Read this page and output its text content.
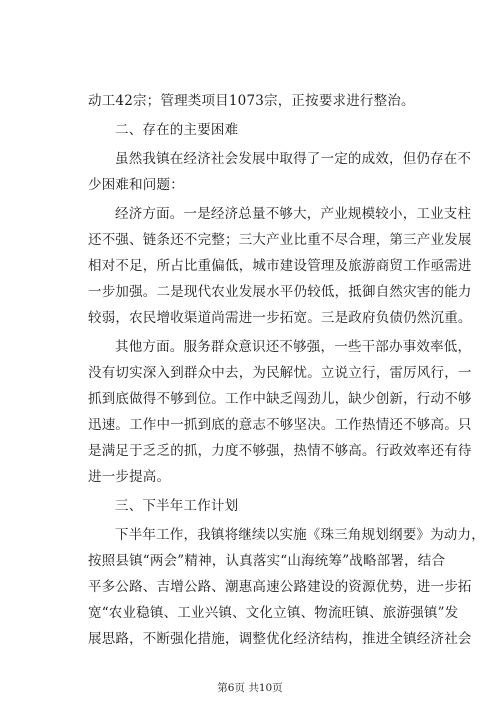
动工42宗；管理类项目1073宗，正按要求进行整治。
二、存在的主要困难
虽然我镇在经济社会发展中取得了一定的成效，但仍存在不
少困难和问题：
经济方面。一是经济总量不够大，产业规模较小，工业支柱
还不强、链条还不完整；三大产业比重不尽合理，第三产业发展
相对不足，所占比重偏低，城市建设管理及旅游商贸工作亟需进
一步加强。二是现代农业发展水平仍较低，抵御自然灾害的能力
较弱，农民增收渠道尚需进一步拓宽。三是政府负债仍然沉重。
其他方面。服务群众意识还不够强，一些干部办事效率低，
没有切实深入到群众中去，为民解忧。立说立行，雷厉风行，一
抓到底做得不够到位。工作中缺乏闯劲儿，缺少创新，行动不够
迅速。工作中一抓到底的意志不够坚决。工作热情还不够高。只
是满足于乏乏的抓，力度不够强，热情不够高。行政效率还有待
进一步提高。
三、下半年工作计划
下半年工作，我镇将继续以实施《珠三角规划纲要》为动力，
按照县镇“两会”精神，认真落实“山海统筹”战略部署，结合
平多公路、吉增公路、潮惠高速公路建设的资源优势，进一步拓
宽“农业稳镇、工业兴镇、文化立镇、物流旺镇、旅游强镇”发
展思路，不断强化措施，调整优化经济结构，推进全镇经济社会
第6页 共10页
